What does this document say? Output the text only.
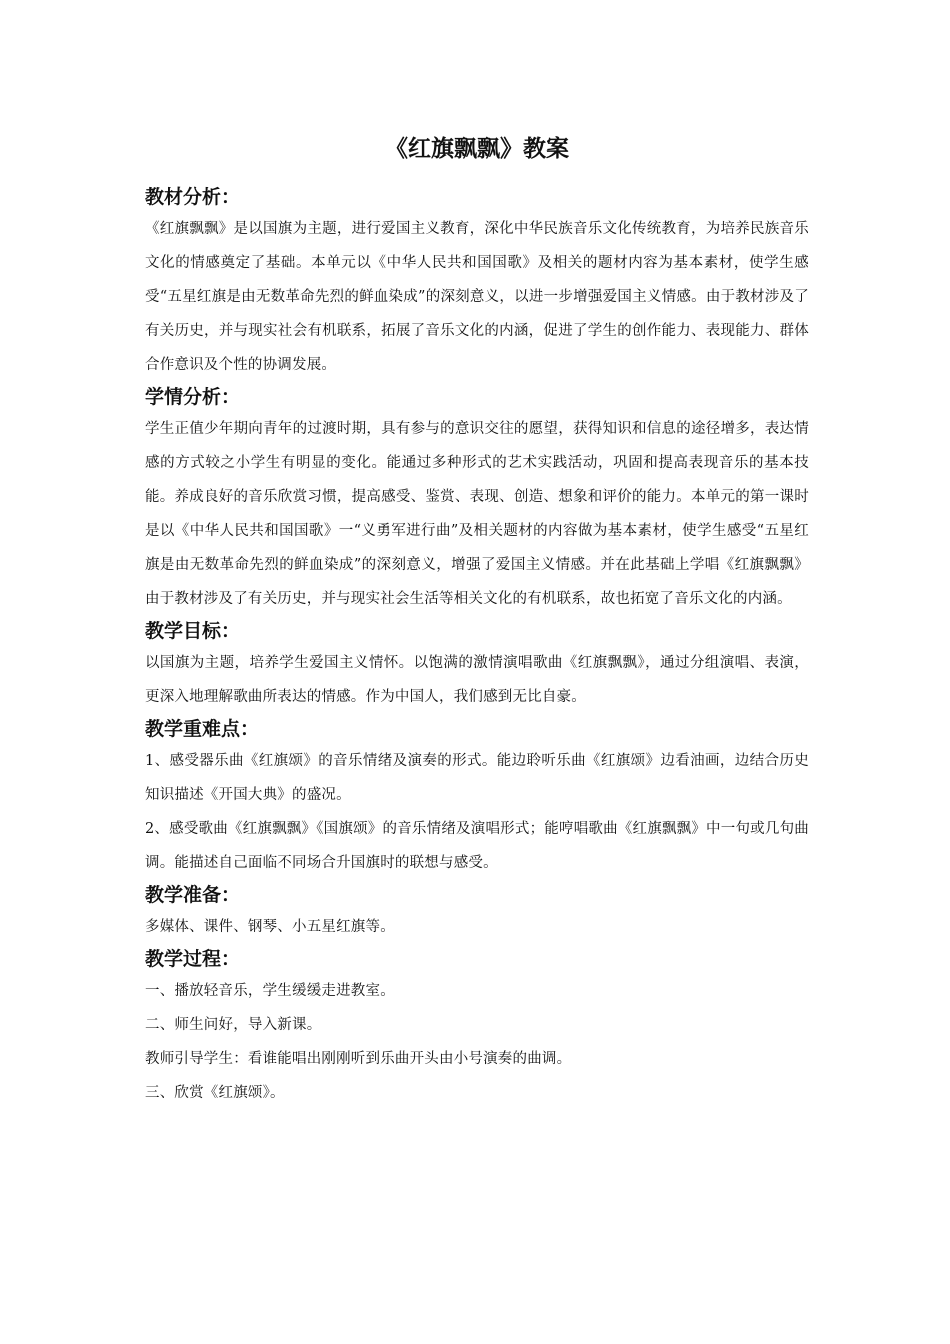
《红旗飘飘》教案
教材分析：

《红旗飘飘》是以国旗为主题，进行爱国主义教育，深化中华民族音乐文化传统教育，为培养民族音乐文化的情感奠定了基础。本单元以《中华人民共和国国歌》及相关的题材内容为基本素材，使学生感受“五星红旗是由无数革命先烈的鲜血染成”的深刻意义，以进一步增强爱国主义情感。由于教材涉及了有关历史，并与现实社会有机联系，拓展了音乐文化的内涵，促进了学生的创作能力、表现能力、群体合作意识及个性的协调发展。

学情分析：

学生正值少年期向青年的过渡时期，具有参与的意识交往的愿望，获得知识和信息的途径增多，表达情感的方式较之小学生有明显的变化。能通过多种形式的艺术实践活动，巩固和提高表现音乐的基本技能。养成良好的音乐欣赏习惯，提高感受、鉴赏、表现、创造、想象和评价的能力。本单元的第一课时是以《中华人民共和国国歌》一“义勇军进行曲”及相关题材的内容做为基本素材，使学生感受“五星红旗是由无数革命先烈的鲜血染成”的深刻意义，增强了爱国主义情感。并在此基础上学唱《红旗飘飘》由于教材涉及了有关历史，并与现实社会生活等相关文化的有机联系，故也拓宽了音乐文化的内涵。

教学目标：

以国旗为主题，培养学生爱国主义情怀。以饱满的激情演唱歌曲《红旗飘飘》，通过分组演唱、表演，更深入地理解歌曲所表达的情感。作为中国人，我们感到无比自豪。

教学重难点：

1、感受器乐曲《红旗颂》的音乐情绪及演奏的形式。能边聆听乐曲《红旗颂》边看油画，边结合历史知识描述《开国大典》的盛况。

2、感受歌曲《红旗飘飘》《国旗颂》的音乐情绪及演唱形式；能哼唱歌曲《红旗飘飘》中一句或几句曲调。能描述自己面临不同场合升国旗时的联想与感受。

教学准备：

多媒体、课件、钢琴、小五星红旗等。

教学过程：

一、播放轻音乐，学生缓缓走进教室。

二、师生问好，导入新课。

教师引导学生：看谁能唱出刚刚听到乐曲开头由小号演奏的曲调。

三、欣赏《红旗颂》。
